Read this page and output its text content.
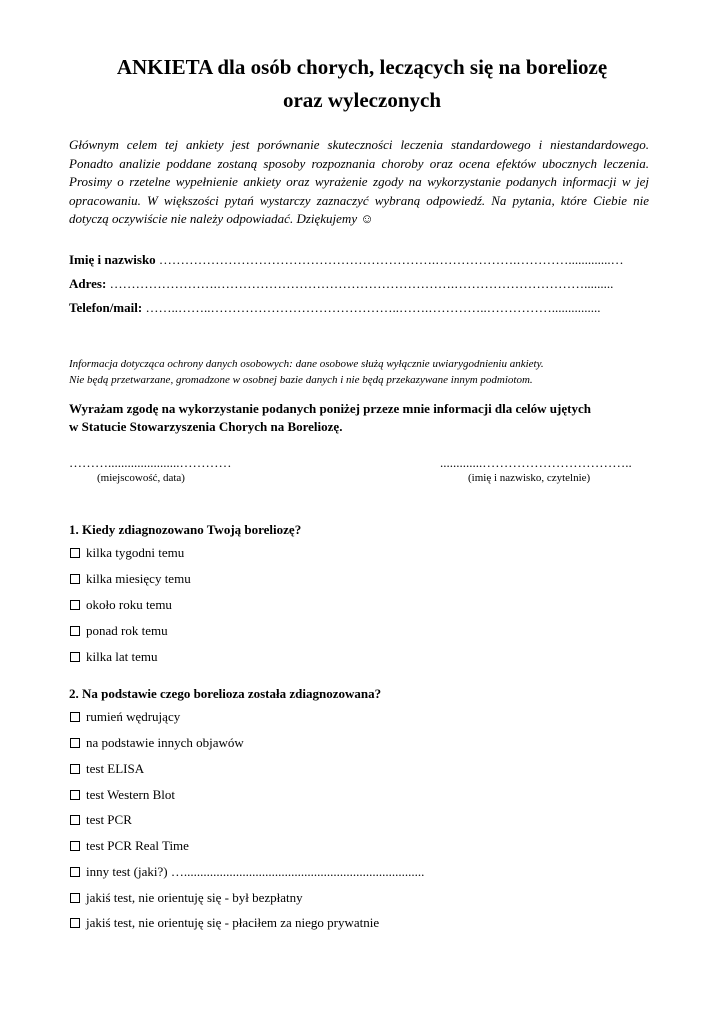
ANKIETA dla osób chorych, leczących się na boreliozę
oraz wyleczonych
Głównym celem tej ankiety jest porównanie skuteczności leczenia standardowego i niestandardowego. Ponadto analizie poddane zostaną sposoby rozpoznania choroby oraz ocena efektów ubocznych leczenia. Prosimy o rzetelne wypełnienie ankiety oraz wyrażenie zgody na wykorzystanie podanych informacji w jej opracowaniu. W większości pytań wystarczy zaznaczyć wybraną odpowiedź. Na pytania, które Ciebie nie dotyczą oczywiście nie należy odpowiadać. Dziękujemy ☺
Imię i nazwisko ……………………………………………………….……………….………….............…
Adres: …………………….……………………………………………….………………………….........
Telefon/mail: ……..……..……………………………………..…….…………..……………...............
Informacja dotycząca ochrony danych osobowych: dane osobowe służą wyłącznie uwiarygodnieniu ankiety.
Nie będą przetwarzane, gromadzone w osobnej bazie danych i nie będą przekazywane innym podmiotom.
Wyrażam zgodę na wykorzystanie podanych poniżej przeze mnie informacji dla celów ujętych
w Statucie Stowarzyszenia Chorych na Boreliozę.
………......................…………
(miejscowość, data)
.............……………………………..
(imię i nazwisko, czytelnie)
1. Kiedy zdiagnozowano Twoją boreliozę?
kilka tygodni temu
kilka miesięcy temu
około roku temu
ponad rok temu
kilka lat temu
2. Na podstawie czego borelioza została zdiagnozowana?
rumień wędrujący
na podstawie innych objawów
test ELISA
test Western Blot
test PCR
test PCR Real Time
inny test (jaki?) …..........................................................................
jakiś test, nie orientuję się - był bezpłatny
jakiś test, nie orientuję się - płaciłem za niego prywatnie
